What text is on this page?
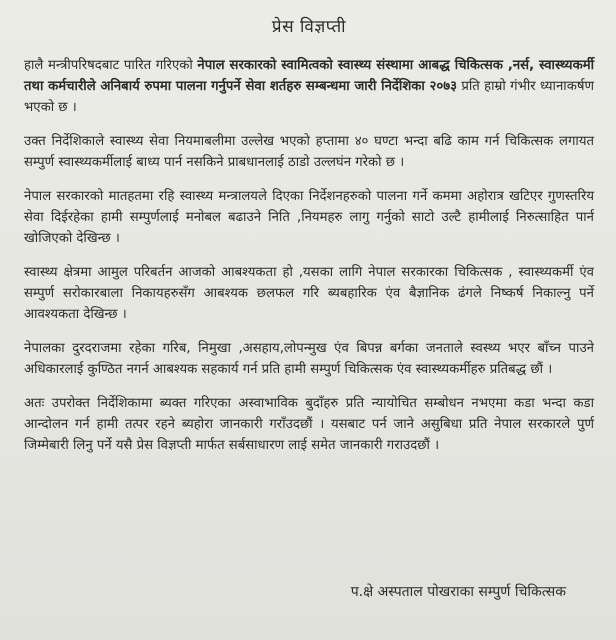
प्रेस विज्ञप्ती

हालै मन्त्रीपरिषदबाट पारित गरिएको नेपाल सरकारको स्वामित्वको स्वास्थ्य संस्थामा आबद्ध चिकित्सक ,नर्स, स्वास्थ्यकर्मी तथा कर्मचारीले अनिबार्य रुपमा पालना गर्नुपर्ने सेवा शर्तहरु सम्बन्धमा जारी निर्देशिका २०७३ प्रति हाम्रो गंभीर ध्यानाकर्षण भएको छ ।

उक्त निर्देशिकाले स्वास्थ्य सेवा नियमाबलीमा उल्लेख भएको हप्तामा ४० घण्टा भन्दा बढि काम गर्न चिकित्सक लगायत सम्पुर्ण स्वास्थ्यकर्मीलाई बाध्य पार्न नसकिने प्राबधानलाई ठाडो उल्लघंन गरेको छ ।

नेपाल सरकारको मातहतमा रहि स्वास्थ्य मन्त्रालयले दिएका निर्देशनहरुको पालना गर्ने कममा अहोरात्र खटिएर गुणस्तरिय सेवा दिईरहेका हामी सम्पुर्णलाई मनोबल बढाउने निति ,नियमहरु लागु गर्नुको साटो उल्टै हामीलाई निरुत्साहित पार्न खोजिएको देखिन्छ ।

स्वास्थ्य क्षेत्रमा आमुल परिबर्तन आजको आबश्यकता हो ,यसका लागि नेपाल सरकारका चिकित्सक , स्वास्थ्यकर्मी एंव सम्पुर्ण सरोकारबाला निकायहरुसँग आबश्यक छलफल गरि ब्यबहारिक एंव बैज्ञानिक ढंगले निष्कर्ष निकाल्नु पर्ने आवश्यकता देखिन्छ ।

नेपालका दुरदराजमा रहेका गरिब, निमुखा ,असहाय,लोपन्मुख एंव बिपन्न बर्गका जनताले स्वस्थ्य भएर बाँच्न पाउने अधिकारलाई कुण्ठित नगर्न आबश्यक सहकार्य गर्न प्रति हामी सम्पुर्ण चिकित्सक एंव स्वास्थ्यकर्मीहरु प्रतिबद्ध छौं ।

अतः उपरोक्त निर्देशिकामा ब्यक्त गरिएका अस्वाभाविक बुदाँहरु प्रति न्यायोचित सम्बोधन नभएमा कडा भन्दा कडा आन्दोलन गर्न हामी तत्पर रहने ब्यहोरा जानकारी गराँउदछौं । यसबाट पर्न जाने असुबिधा प्रति नेपाल सरकारले पुर्ण जिम्मेबारी लिनु पर्ने यसै प्रेस विज्ञप्ती मार्फत सर्बसाधारण लाई समेत जानकारी गराउदछौं ।

प.क्षे अस्पताल पोखराका सम्पुर्ण चिकित्सक
